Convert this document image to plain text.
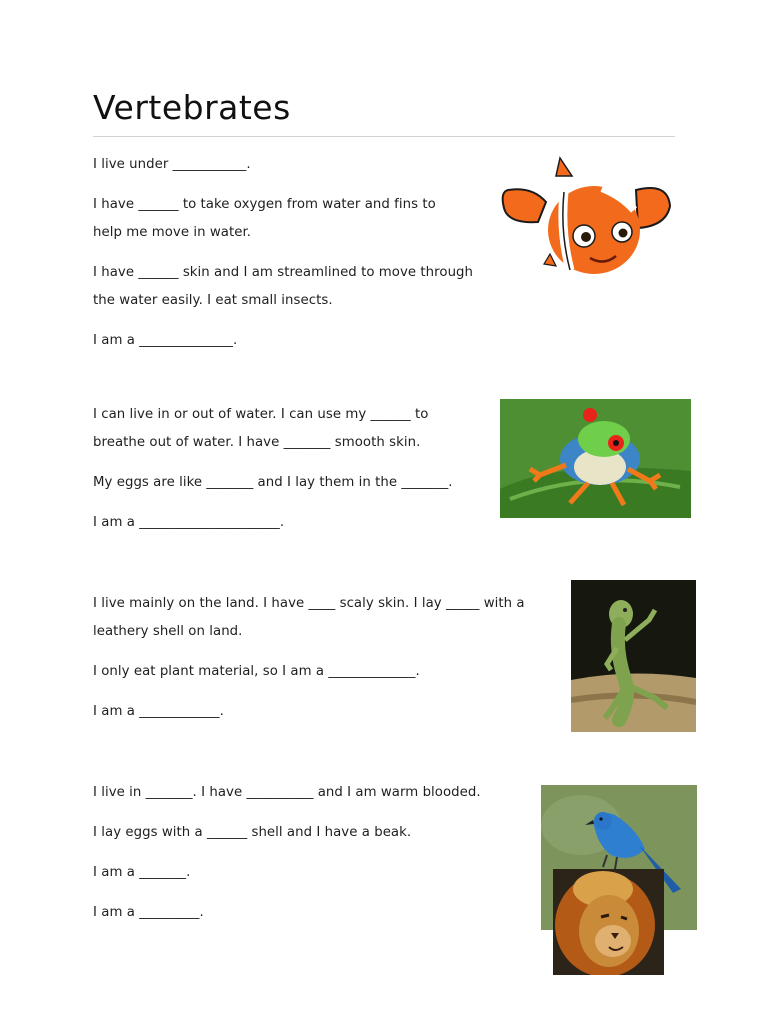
Vertebrates

I live under ___________.

I have ______ to take oxygen from water and fins to

help me move in water.

I have ______ skin and I am streamlined to move through

the water easily. I eat small insects.

I am a ______________.

I can live in or out of water. I can use my ______ to

breathe out of water. I have _______ smooth skin.

My eggs are like _______ and I lay them in the _______.

I am a _____________________.

I live mainly on the land. I have ____ scaly skin. I lay _____ with a

leathery shell on land.

I only eat plant material, so I am a _____________.

I am a ____________.

I live in _______. I have __________ and I am warm blooded.

I lay eggs with a ______ shell and I have a beak.

I am a _______.

I am a _________.
